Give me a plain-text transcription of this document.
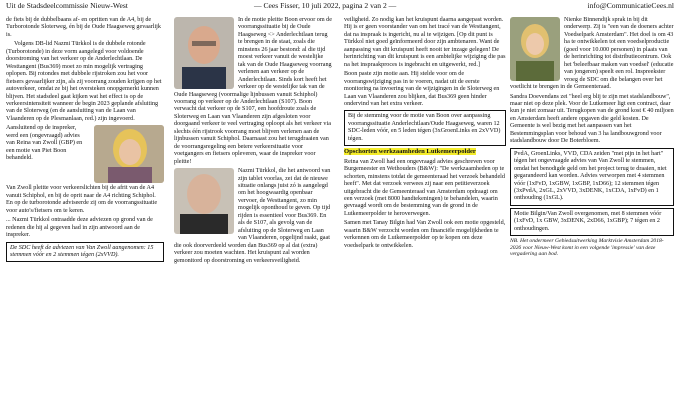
Uit de Stadsdeelcommissie Nieuw-West	— Cees Fisser, 10 juli 2022, pagina 2 van 2 —	info@CommunicatieCees.nl

de fiets bij de dubbelbaans af- en opritten van de A4, bij de Turborotonde Sloterweg, én bij de Oude Haagseweg gevaarlijk is.

Volgens DB-lid Nazmi Türkkol is de dubbele rotonde (Turborotonde) in deze vorm aangelegd voor voldoende doorstroming van het verkeer op de Anderlechtlaan. De Westtangent (Bus369) moet zo min mogelijk vertraging oplopen. Bij rotondes met dubbele rijstroken zou het voor fietsers gevaarlijker zijn, als zij voorrang zouden krijgen op het autoverkeer, omdat ze bij het oversteken onopgemerkt kunnen blijven. Het stadsdeel gaat kijken wat het effect is op de verkeersintensiteit wanneer de begin 2023 geplande afsluiting van de Sloterweg (en de aansluiting van de Laan van Vlaanderen op de Plesmanlaan, red.) zijn ingevoerd.

Aansluitend op de inspreker, werd een (ongevraagd) advies van Reina van Zwoll (GBP) en een motie van Piet Boon behandeld.

Van Zwoll pleitte voor verkeerslichten bij de afrit van de A4 vanuit Schiphol, en bij de oprit naar de A4 richting Schiphol. En op de turborotonde adviseerde zij om de voorrangssituatie voor auto's/fietsers om te keren.

... Nazmi Türkkol ontraadde deze adviezen op grond van de redenen die hij al gegeven had in zijn antwoord aan de inspreker.

De SDC heeft de adviezen van Van Zwoll aangenomen: 15 stemmen vóór en 2 stemmen tégen (2xVVD).

In de motie pleitte Boon ervoor om de voorrangssituatie bij de Oude Haagseweg <> Anderlechtlaan terug te brengen in de staat, zoals die minstens 26 jaar bestond: al die tijd moest verkeer vanuit de westelijke tak van de Oude Haagseweg voorrang verlenen aan verkeer op de Anderlechtlaan. Sinds kort heeft het verkeer op de westelijke tak van de Oude Haagseweg (voormalige lijnbussen vanuit Schiphol) voorrang op verkeer op de Anderlechtlaan (S107). Boon verwacht dat verkeer op de S107, een hoofdroute zoals de Sloterweg en Laan van Vlaanderen zijn afgesloten voor doorgaand verkeer te veel vertraging oploopt als het verkeer via slechts één rijstrook voorrang moet blijven verlenen aan de lijnbussen vanuit Schiphol. Daarnaast zou het terugdraaien van de voorrangsregeling een betere verkeersituatie voor voetgangers en fietsers opleveren, waar de inspreker voor pleitte!

Nazmi Türkkol, die het antwoord van zijn tablet voorlas, zei dat de nieuwe situatie onlangs juist zó is aangelegd om het hoogwaardig openbaar vervoer, de Westtangent, zo min mogelijk oponthoud te geven. Op tijd rijden is essentieel voor Bus369. En als de S107, als gevolg van de afsluiting op de Sloterweg en Laan van Vlaanderen, opgelijnd raakt, gaat die ook doorverdeeld worden dan Bus369 op al dat (extra) verkeer zou moeten wachten. Het kruispunt zal worden gemonitord op doorstroming en verkeersveiligheid.

veiligheid. Zo nodig kan het kruispunt daarna aangepast worden. Hij is er geen voorstander van om het tracé van de Westtangent, dat na inspraak is ingericht, nu al te wijzigen. [Op dit punt is Türkkol niet goed geïnformeerd door zijn ambtenaren. Want de aanpassing van dit kruispunt heeft nooit ter inzage gelegen! De herinrichting van dit kruispunt is een ambtelijke wijziging die pas na het inspraakproces is ingebracht en uitgewerkt, red.]

Boon paste zijn motie aan. Hij stelde voor om de voorrangswijziging pas in te voeren, nadat uit de eerste monitoring na invoering van de wijzigingen in de Sloterweg en Laan van Vlaanderen zou blijken, dat Bus369 geen hinder ondervind van het extra verkeer.

Bij de stemming voor de motie van Boon over aanpassing voorrangssituatie Anderlechtlaan/Oude Haagseweg, waren 12 SDC-leden vóór, en 5 leden tégen (3xGroenLinks en 2xVVD) tégen.
Opschorten werkzaamheden Lutkemeerpolder

Reina van Zwoll had een ongevraagd advies geschreven voor Burgemeester en Wethouders (B&W): "De werkzaamheden op te schorten, minstens totdat de gemeenteraad het verzoek behandeld heeft". Met dat verzoek verwees zij naar een petitieverzoek uitgebracht die de Gemeenteraad van Amsterdam opdraagt om een verzoek (met 8000 handtekeningen) te behandelen, waarin gevraagd wordt om de bestemming van de grond in de Lutkemeerpolder te heroverwegen.

Samen met Tanay Bilgin had Van Zwoll ook een motie opgesteld, waarin B&W verzocht worden om financiële mogelijkheden te verkennen om de Lutkemeerpolder op te kopen om deze voedselpark te ontwikkelen.

Nienke Binnendijk sprak in bij dit onderwerp. Zij is "een van de doeners achter Voedselpark Amsterdam". Het doel is om 43 ha te ontwikkelen tot een voedselproductie (goed voor 10.000 personen) in plaats van de herinrichting tot distributiecentrum. Ook het 'beleefbaar maken van voedsel' (educatie van jongeren) speelt een rol. Inspreekster vroeg de SDC om die belangen over het voetlicht te brengen in de Gemeenteraad.

Sandra Doevendans zei "heel erg blij te zijn met stadslandbouw", maar niet op deze plek. Voor de Lutkemeer ligt een contract, daar kun je niet zomaar uit. Terugkopen van de grond kost € 40 miljoen en Amsterdam heeft andere opgaven die geld kosten. De Gemeente is wel bezig met het aanpassen van het Bestemmingsplan voor behoud van 3 ha landbouwgrond voor stadslandbouw door De Boterbloem.

PvdA, GroenLinks, VVD, CDA zeiden "met pijn in het hart" tégen het ongevraagde advies van Van Zwoll te stemmen, omdat het benodigde geld om het project terug te draaien, niet gegarandeerd kan worden. Advies verworpen met 4 stemmen vóór (1xFvD, 1xGBW, 1xGBP, 1xD66); 12 stemmen tégen (3xPvdA, 2xGL, 2xVVD, 3xDENK, 1xCDA, 1xFvD) en 1 onthouding (1xGL).
Motie Bilgin/Van Zwoll overgenomen, met 8 stemmen vóór (1xFvD, 1x GBW, 3xDENK, 2xD66, 1xGBP); 7 tégen en 2 onthoudingen.

NB. Het ondermeer Gebiedsuitwerking Marktvisie Amsterdam 2018-2026 voor Nieuw-West komt in een volgende 'impressie' van deze vergadering aan bod.
